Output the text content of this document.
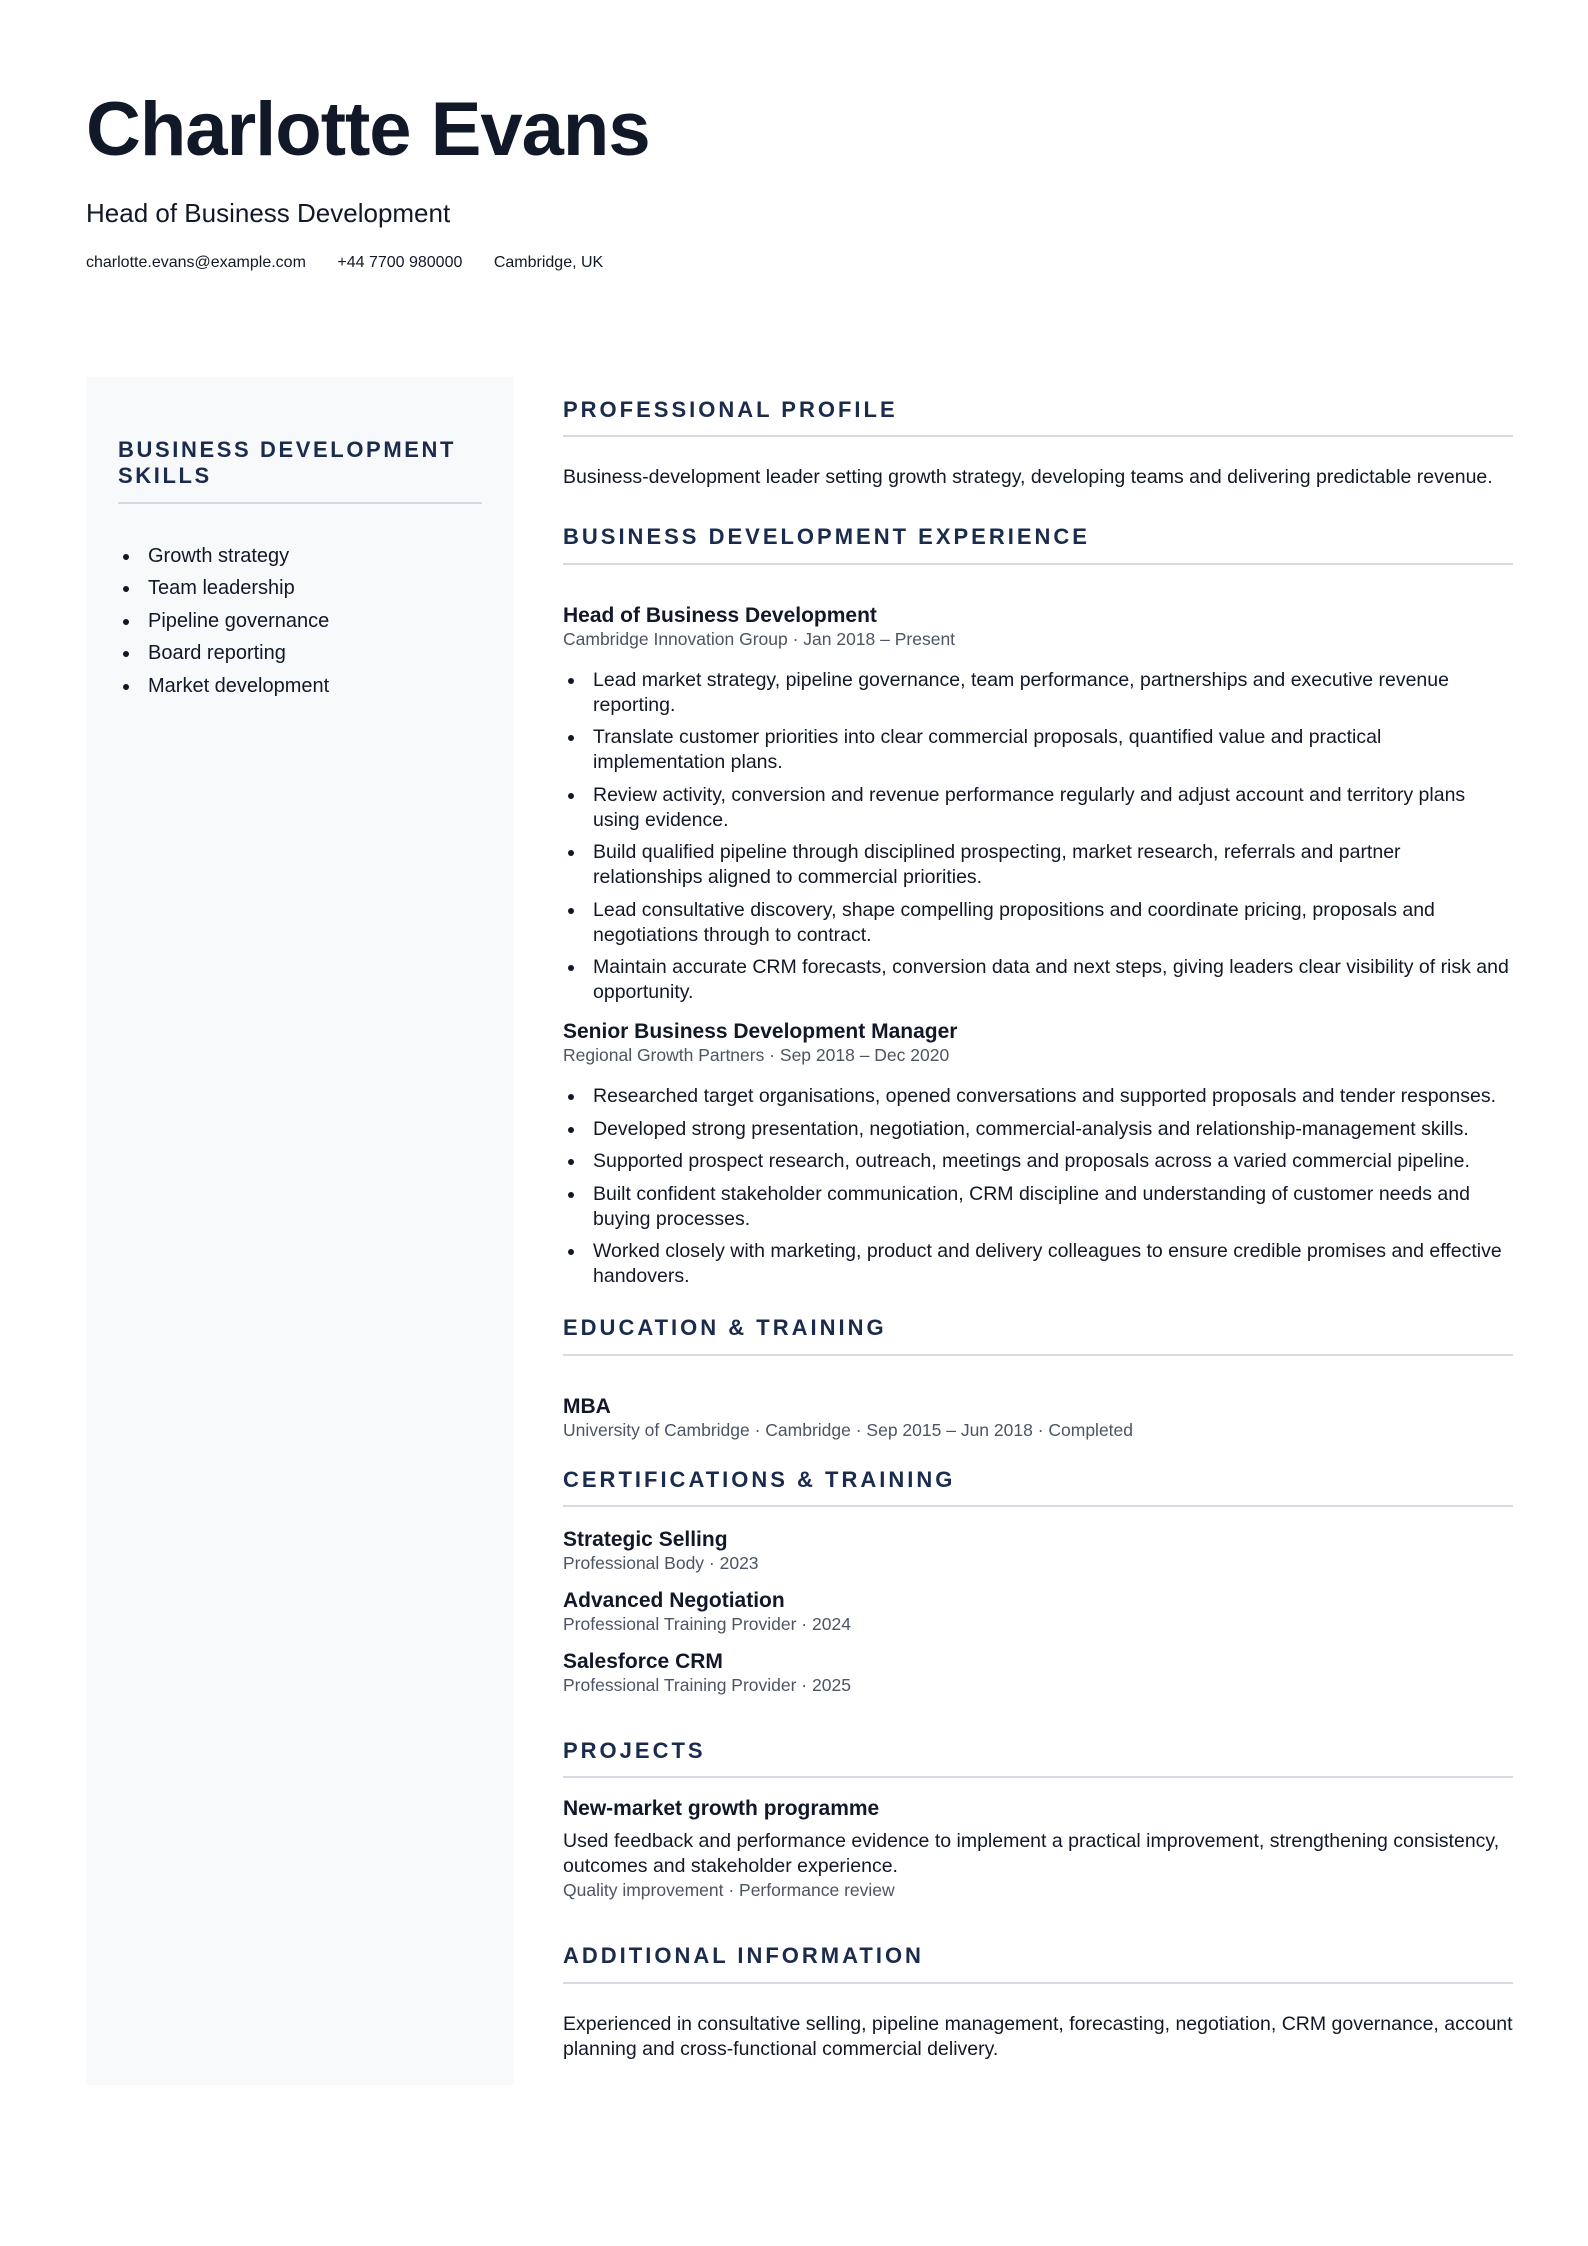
Charlotte Evans

Head of Business Development

charlotte.evans@example.com +44 7700 980000 Cambridge, UK
BUSINESS DEVELOPMENT SKILLS
Growth strategy
Team leadership
Pipeline governance
Board reporting
Market development
PROFESSIONAL PROFILE

Business-development leader setting growth strategy, developing teams and delivering predictable revenue.

BUSINESS DEVELOPMENT EXPERIENCE

Head of Business Development

Cambridge Innovation Group · Jan 2018 – Present

Lead market strategy, pipeline governance, team performance, partnerships and executive revenue reporting.
Translate customer priorities into clear commercial proposals, quantified value and practical implementation plans.
Review activity, conversion and revenue performance regularly and adjust account and territory plans using evidence.
Build qualified pipeline through disciplined prospecting, market research, referrals and partner relationships aligned to commercial priorities.
Lead consultative discovery, shape compelling propositions and coordinate pricing, proposals and negotiations through to contract.
Maintain accurate CRM forecasts, conversion data and next steps, giving leaders clear visibility of risk and opportunity.

Senior Business Development Manager

Regional Growth Partners · Sep 2018 – Dec 2020

Researched target organisations, opened conversations and supported proposals and tender responses.
Developed strong presentation, negotiation, commercial-analysis and relationship-management skills.
Supported prospect research, outreach, meetings and proposals across a varied commercial pipeline.
Built confident stakeholder communication, CRM discipline and understanding of customer needs and buying processes.
Worked closely with marketing, product and delivery colleagues to ensure credible promises and effective handovers.
EDUCATION & TRAINING

MBA

University of Cambridge · Cambridge · Sep 2015 – Jun 2018 · Completed

CERTIFICATIONS & TRAINING

Strategic Selling

Professional Body · 2023

Advanced Negotiation

Professional Training Provider · 2024

Salesforce CRM

Professional Training Provider · 2025

PROJECTS

New-market growth programme

Used feedback and performance evidence to implement a practical improvement, strengthening consistency, outcomes and stakeholder experience.

Quality improvement · Performance review

ADDITIONAL INFORMATION

Experienced in consultative selling, pipeline management, forecasting, negotiation, CRM governance, account planning and cross-functional commercial delivery.
